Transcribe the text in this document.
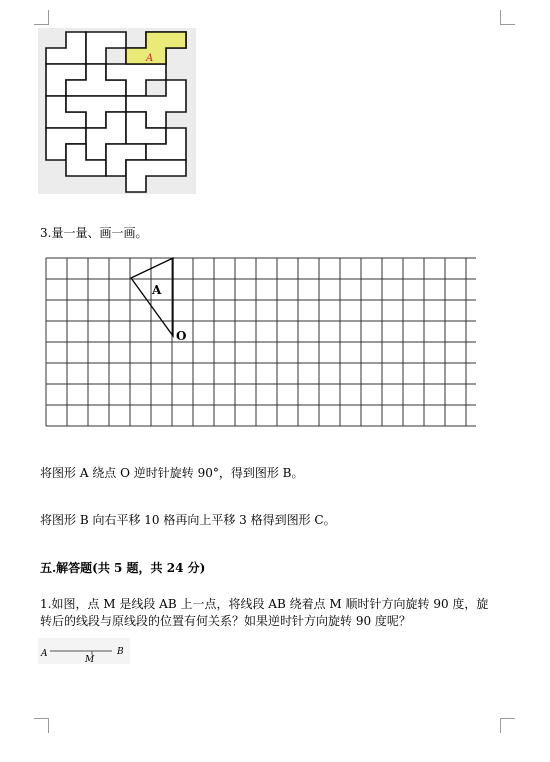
A
3.量一量、画一画。
A
O
将图形 A 绕点 O 逆时针旋转 90°，得到图形 B。
将图形 B 向右平移 10 格再向上平移 3 格得到图形 C。
五.解答题(共 5 题，共 24 分)
1.如图，点 M 是线段 AB 上一点，将线段 AB 绕着点 M 顺时针方向旋转 90 度，旋
转后的线段与原线段的位置有何关系？如果逆时针方向旋转 90 度呢？
A
M
B
